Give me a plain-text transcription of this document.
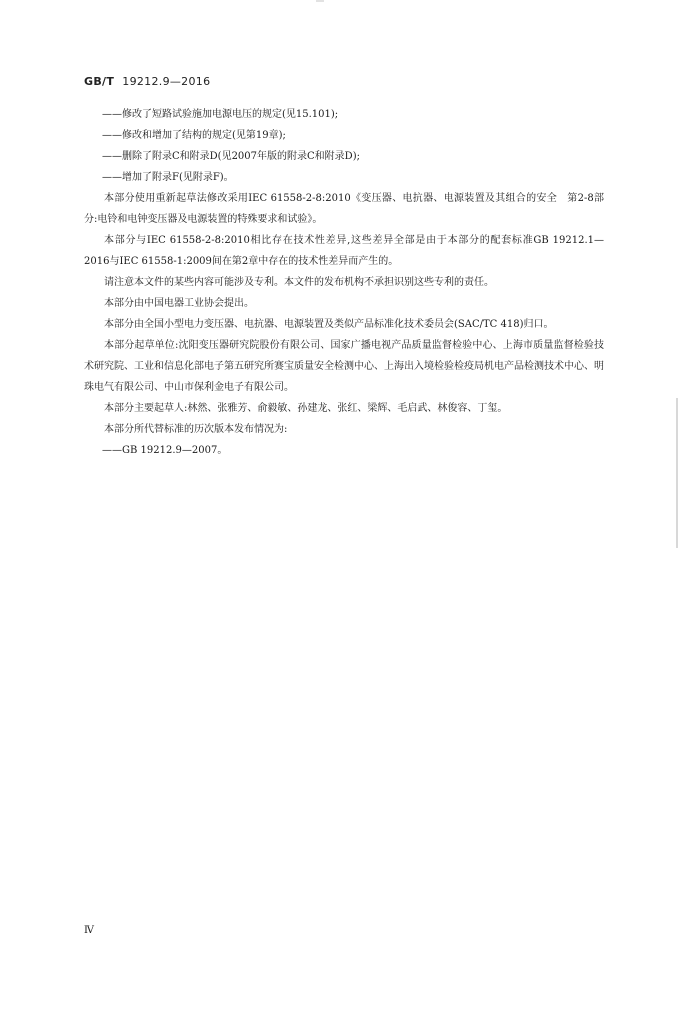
GB/T 19212.9—2016

——修改了短路试验施加电源电压的规定(见15.101);

——修改和增加了结构的规定(见第19章);

——删除了附录C和附录D(见2007年版的附录C和附录D);

——增加了附录F(见附录F)。

本部分使用重新起草法修改采用IEC 61558-2-8:2010《变压器、电抗器、电源装置及其组合的安全　第2-8部分:电铃和电钟变压器及电源装置的特殊要求和试验》。

本部分与IEC 61558-2-8:2010相比存在技术性差异,这些差异全部是由于本部分的配套标准GB 19212.1—2016与IEC 61558-1:2009间在第2章中存在的技术性差异而产生的。

请注意本文件的某些内容可能涉及专利。本文件的发布机构不承担识别这些专利的责任。

本部分由中国电器工业协会提出。

本部分由全国小型电力变压器、电抗器、电源装置及类似产品标准化技术委员会(SAC/TC 418)归口。

本部分起草单位:沈阳变压器研究院股份有限公司、国家广播电视产品质量监督检验中心、上海市质量监督检验技术研究院、工业和信息化部电子第五研究所赛宝质量安全检测中心、上海出入境检验检疫局机电产品检测技术中心、明珠电气有限公司、中山市保利金电子有限公司。

本部分主要起草人:林然、张雅芳、俞毅敏、孙建龙、张红、梁辉、毛启武、林俊容、丁玺。

本部分所代替标准的历次版本发布情况为:

——GB 19212.9—2007。

Ⅳ
